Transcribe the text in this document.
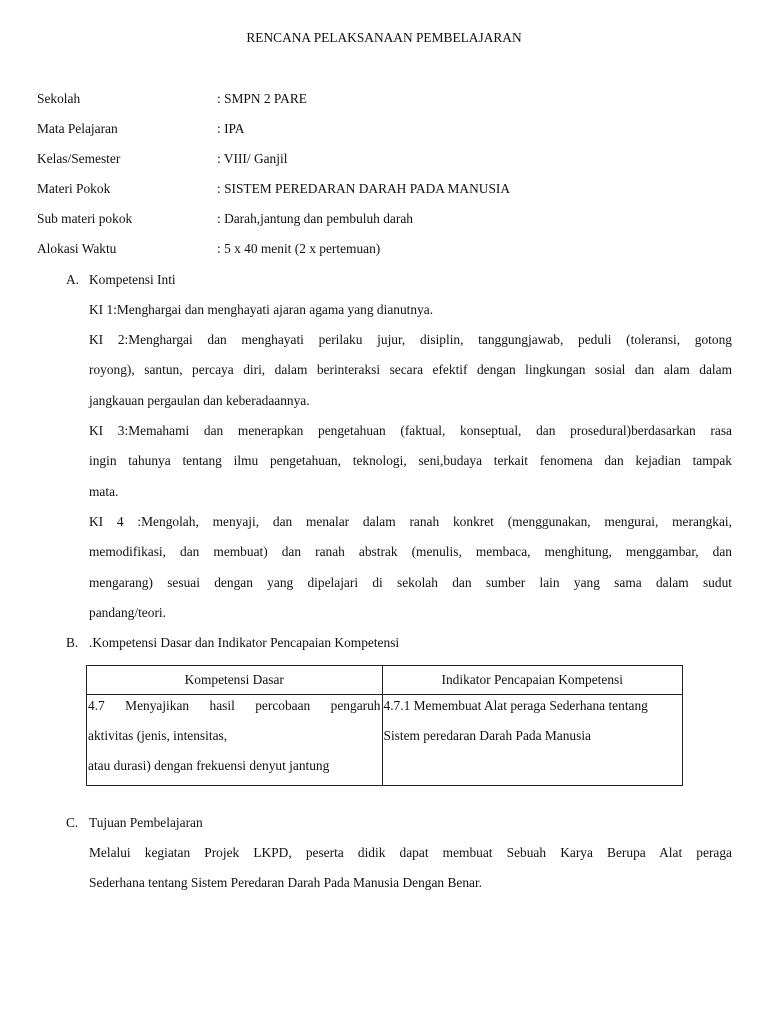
RENCANA PELAKSANAAN PEMBELAJARAN
Sekolah	: SMPN 2 PARE
Mata Pelajaran	: IPA
Kelas/Semester	: VIII/ Ganjil
Materi Pokok	: SISTEM PEREDARAN DARAH PADA MANUSIA
Sub materi pokok	: Darah,jantung dan pembuluh darah
Alokasi Waktu	: 5 x 40 menit (2 x pertemuan)
A. Kompetensi Inti
KI 1:Menghargai dan menghayati ajaran agama yang dianutnya.
KI 2:Menghargai dan menghayati perilaku jujur, disiplin, tanggungjawab, peduli (toleransi, gotong
royong), santun, percaya diri, dalam berinteraksi secara efektif dengan lingkungan sosial dan alam dalam
jangkauan pergaulan dan keberadaannya.
KI 3:Memahami dan menerapkan pengetahuan (faktual, konseptual, dan prosedural)berdasarkan rasa
ingin tahunya tentang ilmu pengetahuan, teknologi, seni,budaya terkait fenomena dan kejadian tampak
mata.
KI 4 :Mengolah, menyaji, dan menalar dalam ranah konkret (menggunakan, mengurai, merangkai,
memodifikasi, dan membuat) dan ranah abstrak (menulis, membaca, menghitung, menggambar, dan
mengarang) sesuai dengan yang dipelajari di sekolah dan sumber lain yang sama dalam sudut
pandang/teori.
B. .Kompetensi Dasar dan Indikator Pencapaian Kompetensi
Kompetensi Dasar	Indikator Pencapaian Kompetensi

4.7 Menyajikan hasil percobaan pengaruh
aktivitas (jenis, intensitas,
atau durasi) dengan frekuensi denyut jantung	4.7.1 Memembuat Alat peraga Sederhana tentang
Sistem peredaran Darah Pada Manusia
C. Tujuan Pembelajaran
Melalui kegiatan Projek LKPD, peserta didik dapat membuat Sebuah Karya Berupa Alat peraga
Sederhana tentang Sistem Peredaran Darah Pada Manusia Dengan Benar.
